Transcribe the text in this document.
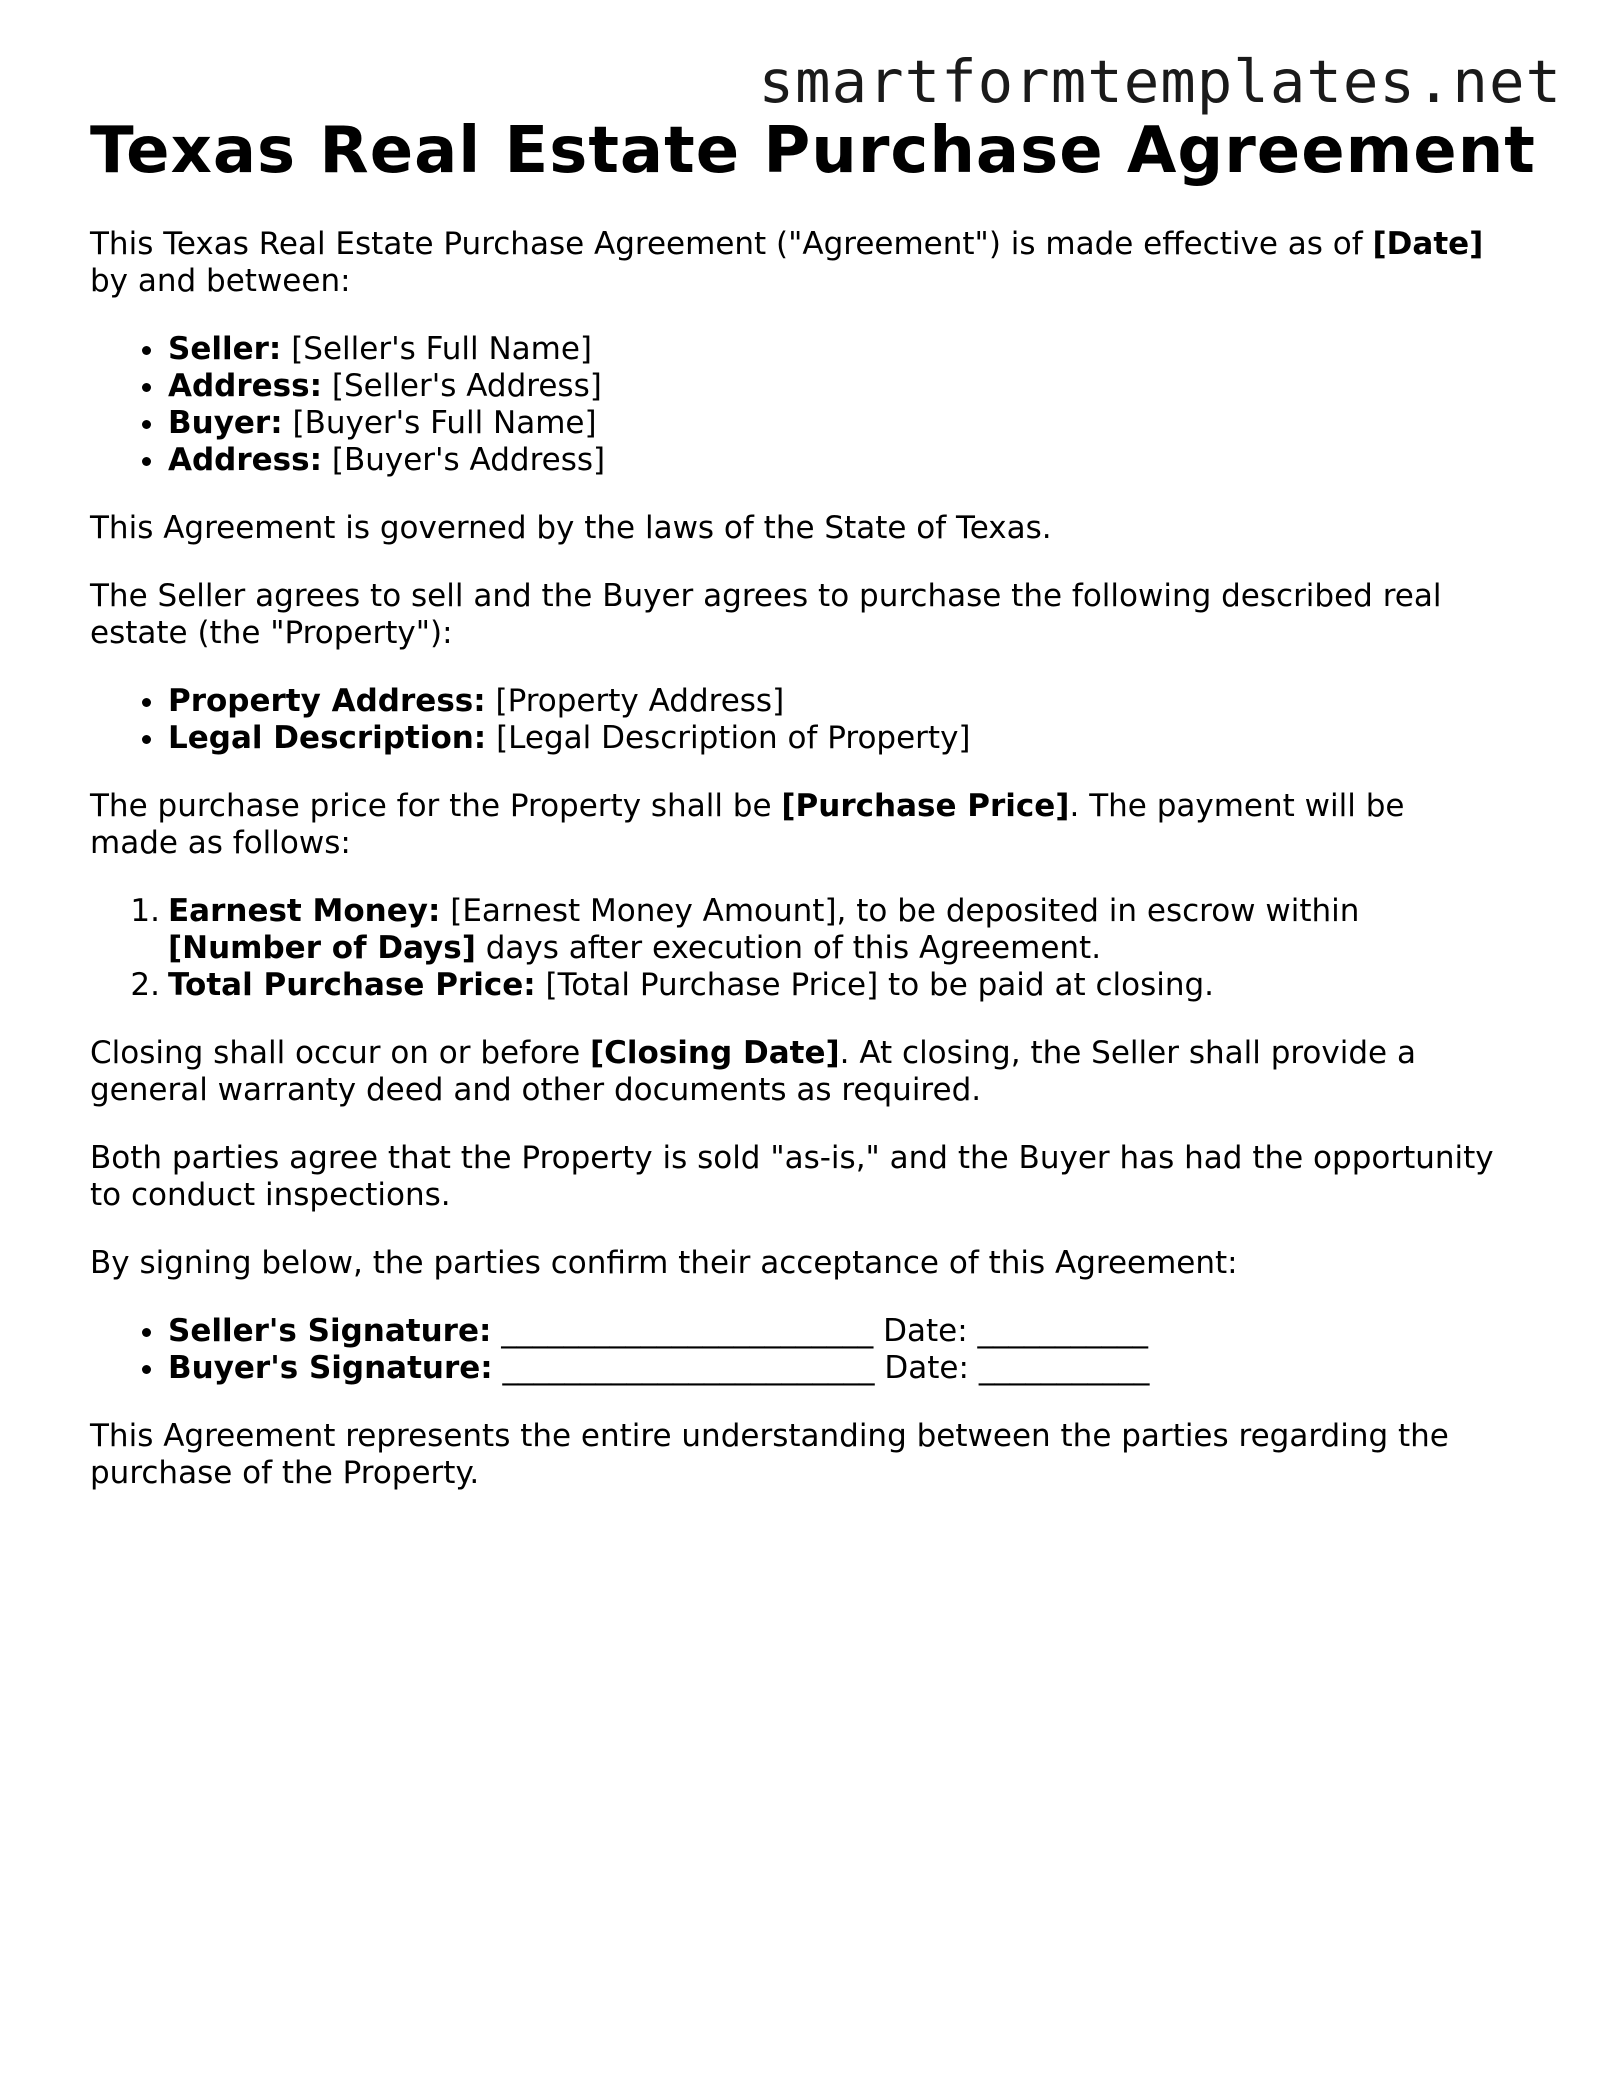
smartformtemplates.net
Texas Real Estate Purchase Agreement

This Texas Real Estate Purchase Agreement ("Agreement") is made effective as of [Date]
by and between:

Seller: [Seller's Full Name]
Address: [Seller's Address]
Buyer: [Buyer's Full Name]
Address: [Buyer's Address]

This Agreement is governed by the laws of the State of Texas.

The Seller agrees to sell and the Buyer agrees to purchase the following described real estate (the "Property"):

Property Address: [Property Address]
Legal Description: [Legal Description of Property]

The purchase price for the Property shall be [Purchase Price]. The payment will be made as follows:

1. Earnest Money: [Earnest Money Amount], to be deposited in escrow within
[Number of Days] days after execution of this Agreement.
2. Total Purchase Price: [Total Purchase Price] to be paid at closing.

Closing shall occur on or before [Closing Date]. At closing, the Seller shall provide a general warranty deed and other documents as required.

Both parties agree that the Property is sold "as-is," and the Buyer has had the opportunity to conduct inspections.

By signing below, the parties confirm their acceptance of this Agreement:

Seller's Signature: ________________________ Date: ___________
Buyer's Signature: ________________________ Date: ___________

This Agreement represents the entire understanding between the parties regarding the purchase of the Property.
